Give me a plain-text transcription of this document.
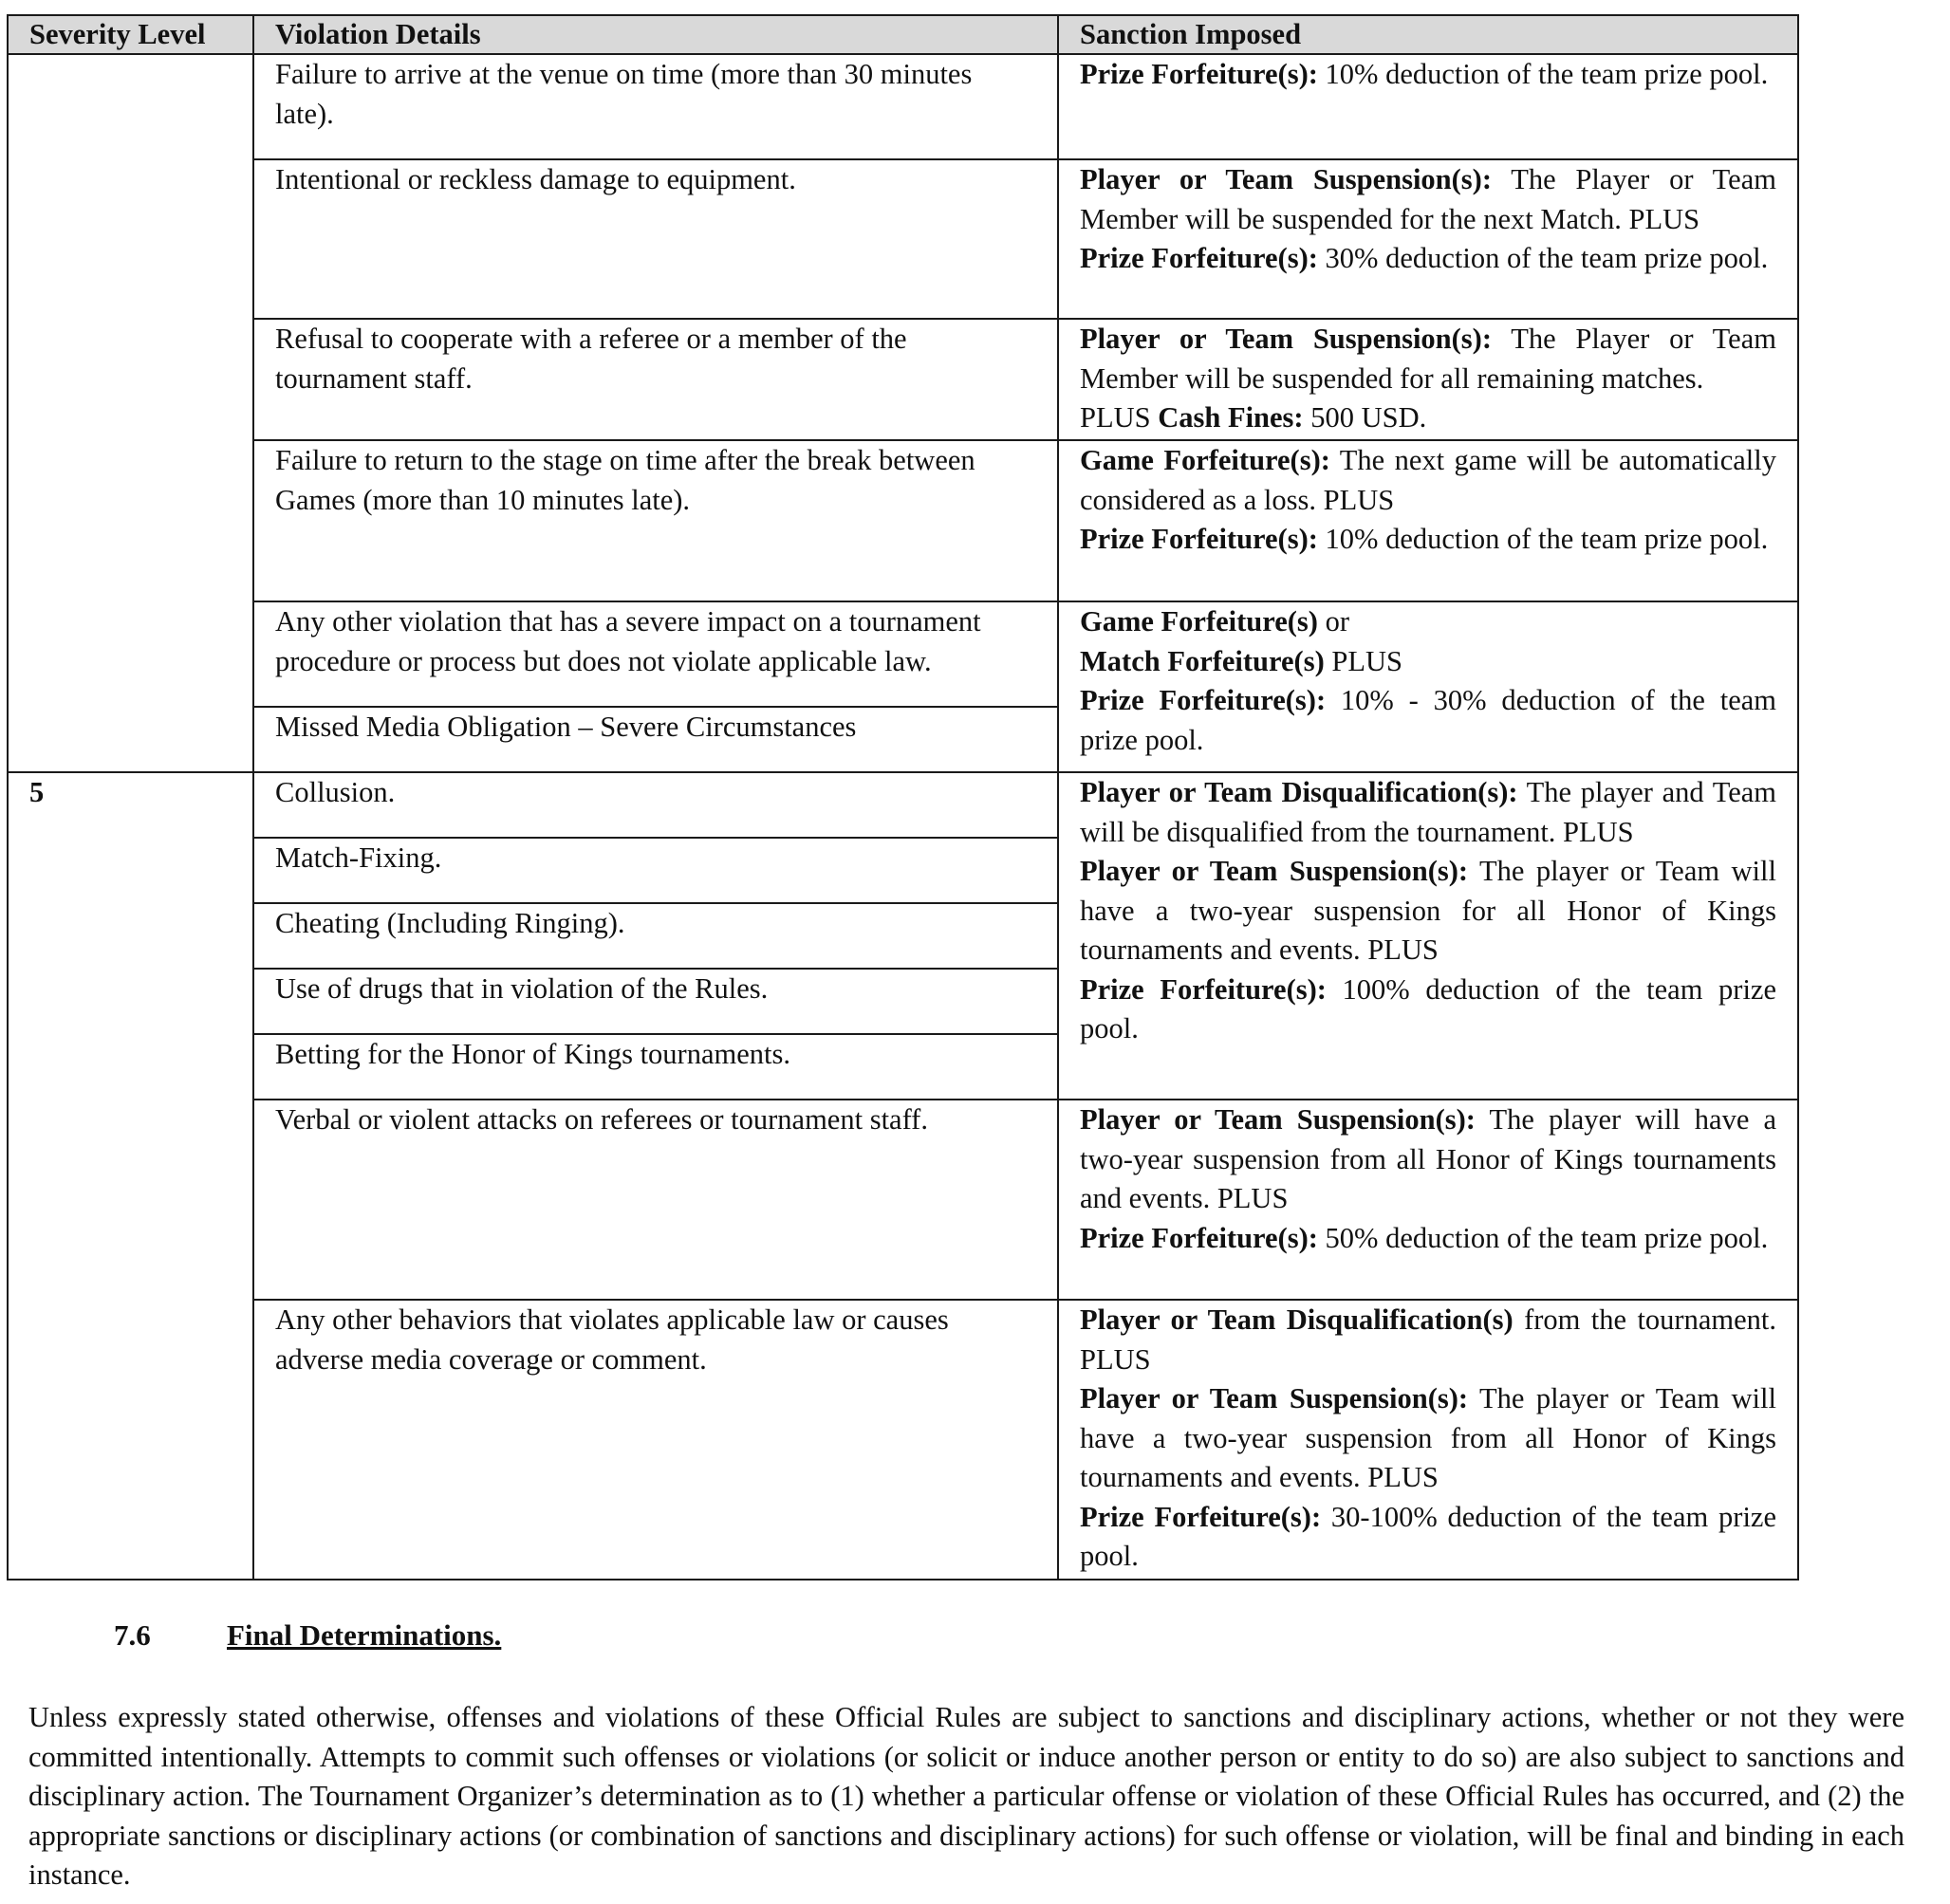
Severity Level	Violation Details	Sanction Imposed
	Failure to arrive at the venue on time (more than 30 minutes late).	Prize Forfeiture(s): 10% deduction of the team prize pool.

	Intentional or reckless damage to equipment.	Player or Team Suspension(s): The Player or Team Member will be suspended for the next Match. PLUS

Prize Forfeiture(s): 30% deduction of the team prize pool.

	Refusal to cooperate with a referee or a member of the tournament staff.	Player or Team Suspension(s): The Player or Team Member will be suspended for all remaining matches.

PLUS Cash Fines: 500 USD.

	Failure to return to the stage on time after the break between Games (more than 10 minutes late).	Game Forfeiture(s): The next game will be automatically considered as a loss. PLUS

Prize Forfeiture(s): 10% deduction of the team prize pool.

	Any other violation that has a severe impact on a tournament procedure or process but does not violate applicable law.	Game Forfeiture(s) or

Match Forfeiture(s) PLUS

Prize Forfeiture(s): 10% - 30% deduction of the team prize pool.

	Missed Media Obligation – Severe Circumstances	
5	Collusion.	Player or Team Disqualification(s): The player and Team will be disqualified from the tournament. PLUS

Player or Team Suspension(s): The player or Team will have a two-year suspension for all Honor of Kings tournaments and events. PLUS

Prize Forfeiture(s): 100% deduction of the team prize pool.

	Match-Fixing.	
	Cheating (Including Ringing).	
	Use of drugs that in violation of the Rules.	
	Betting for the Honor of Kings tournaments.	
	Verbal or violent attacks on referees or tournament staff.	Player or Team Suspension(s): The player will have a two-year suspension from all Honor of Kings tournaments and events. PLUS

Prize Forfeiture(s): 50% deduction of the team prize pool.

	Any other behaviors that violates applicable law or causes adverse media coverage or comment.	Player or Team Disqualification(s) from the tournament. PLUS

Player or Team Suspension(s): The player or Team will have a two-year suspension from all Honor of Kings tournaments and events. PLUS

Prize Forfeiture(s): 30-100% deduction of the team prize pool.

7.6	Final Determinations.

Unless expressly stated otherwise, offenses and violations of these Official Rules are subject to sanctions and disciplinary actions, whether or not they were committed intentionally. Attempts to commit such offenses or violations (or solicit or induce another person or entity to do so) are also subject to sanctions and disciplinary action. The Tournament Organizer’s determination as to (1) whether a particular offense or violation of these Official Rules has occurred, and (2) the appropriate sanctions or disciplinary actions (or combination of sanctions and disciplinary actions) for such offense or violation, will be final and binding in each instance.
